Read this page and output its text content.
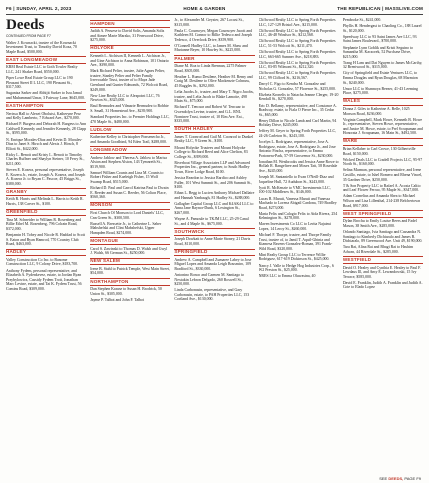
F6 | SUNDAY, APRIL 2, 2023	HOME & GARDEN	THE REPUBLICAN | MASSLIVE.COM
Deeds
CONTINUED FROM PAGE F7

Walter J. Kownacki, trustee of the Kownacki Investment Trust, to Timothy David Koza, 70 Maple Road, $500,000.

EAST LONGMEADOW

KRM Real Estate LLC to Goth Towler Realty LLC, 241 Shaker Road, $550,000.

Piper Lowe Real Estate Group LLC to 190 Pleasant Street II L LLC, 190 Pleasant St., $317,500.

Suganiza Sarker and Abhijit Sarker to Isra Jamal and Muhammad Umar, 3 Fairway Lane, $645,000.

EASTHAMPTON

Nerissa Hall to Alexei Obolutsi, Katheryne Perz and Kelly Lamberto, 7 Edward Ave., $270,000.

Richard P. Burgess and Deborah H. Burgess to Ann Caldwell Kennedy and Jennifer Kennedy, 28 Clapp St., $595,000.

N. Enrique Morales-Diaz and Kevin D. Morales-Diaz to Janet S. Hirsch and Alexis J. Hirsch, 8 Elliott St., $422,000.

Ricky L. Benoit and Kristy L. Benoit to Timothy Charles Ruffner and Shaylyn Steiner, 10 Ferry St., $211,000.

Steven E. Kozera, personal representative, Joseph E. Kozera Jr., estate, Joseph A. Kozera, and Joseph A. Kozera Jr. to Bryan C. Pascoe, 45 Briggs St., $380,000.

GRANBY

Keith R. Harris and Melinda L. Harris to Keith R. Harris, 138 Carver St., $100.

GREENFIELD

Tina M. Schneider to William R. Rosenberg and Billie Ethel M. Rosenberg, 796 Colrain Road, $372,000.

Benjamin H. Tobey and Nicole R. Haddad to Scott S. Eaton and Ryan Hamrod, 770 Country Club Road, $463,000.

HADLEY

Valley Construction Co Inc. to Banome Construction LLC, 9 Colony Drive, $183,700.

Anthony Fydem, personal representative, and Elizabeth A. Fydenkevez, estate, to Jordan Ryan Przybylowicz, Cassidy Fydem Trott, Jonathan Marc Levine, estate, and Tai K. Fydem Trust, 56 Comins Road, $309,000.

HAMPDEN

Judith A. Peruese to David Solis, Amanda Solis and Aimee Marie Marzko, 31 Fernwood Drive, $275,000.

HOLYOKE

Kenneth L. Atchison II, Kenneth L. Atchison Jr., and Gine Atchison to Anna Robinson, 101 Ontario Ave., $390,000.

Mark Richard Pelter, trustee, Julie Agnes Pelter, trustee, Stanley Pelter and Pelter Family Irrevocable Trust, trustee of to Maya Jade Grenlund and Gunter Edmonds, 72 Wolcott Road, $249,000.

New Line Realty LLC to Alexpoint LLC, 76 Newton St., $325,000.

Raul Bermudez and Vilmarie Bermudez to Bobbie S. Small, 31 Homestead Ave., $239,900.

Standard Properties Inc. to Premier Holdings LLC, 470 Maple St., $480,000.

LUDLOW

Katherine Kelley to Christopher Ponsenecho Jr., and Amanda Goodhind, 94 Eden Trail, $288,000.

LONGMEADOW

Andrew Jablow and Theresa A. Jablow to Marisa Alston and Stephen Alston, 143 Tymnreth St., $519,900.

Samuel William Counts and Lina M. Counts to Robert Fisher and Kaeleigh Fisher, 15 Wolf Swamp Road, $515,000.

Richard D. Paul and Carrol Katrina Paul to Dwain E. Reeder and Susan C. Reeder, 56 Colton Place, $560,360.

MONSON

First Church Of Monson to Lord Daniels' LLC, Cnn Green St., $300,500.

Russell A. Bressette Jr., to Catherine L. Saber Mabshefski and Clint Mabshefski, Upper Hampden Road, $274,000.

MONTAGUE

Carol S. Zawinski to Thomas D. Walsh and Gwyl J. Walsh, 66 German St., $250,000.

NEW SALEM

Irene B. Stahl to Patrick Temple, West Main Street, $54,000.

NORTHAMPTON

Dan Stephen Krause to Susan H. Brodrick, 50 Union St., $305,000.

Jayme P. Talbot and John F. Talbot

Jr., to Alexander M. Geyster, 267 Locust St., $315,000.

Paula C. Cournoyer, Megan Cournoyer Jacott and Kathleen M. Connor to Billie Tedesco and Joseph Tedesco, 4 Overlook Drive, $359,900.

O'Connell Hadley LLC, to James M. Shaw and Marianne Beyer, 10 Hawley St., $225,000.

PALMER

Diane M. Roa to Linda Brennan, 2275 Palmer Road, $305,000.

Heather L. Rumo Desilene, Heather M. Remy and Craig M. Desilene to Olive Mackenzie Cohnuss, 45 Ruggles St., $292,000.

Lelia Jacobs Jr., trustee, and Mary T. Nigro Jacobs, trustee, and Lelia Jacob to Blake Lamotte, 498 Main St., $75,000.

Richard T. Tencuar and Robert W. Tencuar to Gwendolyn Levine, trustee, and G.L. RNL Nominee Trust, trustee of, 10 Elm Ave. Ext., $335,000.

SOUTH HADLEY

James T. Coonrod and Gail M. Coonrod to Dunkel Realty LLC, 9 Green St., $100.

Mount Holyoke Trustees and Mount Holyoke College to Richard Reed and Alice Chelton, 83 College St., $399,000.

Riverboat Village Associates LLP and Advanced Properties Inc., general partner, to South Hadley Town, River Lodge Road, $100.

Jessica Reardon to Jessica Rardico and Ashley Fuller, 101 West Summit St., and 206 Summit St., $100.

Ethan L. Begg to Lucien Anthony Michael Dallaire and Hannah Yanbaugh, 81 Hadley St., $288,000.

Gallagher Capital Group LLC and K4AK4 LLC to Anna Jane Raynor-Dunk, 6 Lexington St., $267,000.

Wayne A. Pamoule to TKJM LLC, 25-29 Canal St., and 4 Maple St., $675,000.

SOUTHWICK

Joseph Dowkatt to Anne Marie Stoney, 21 Davis Road, $110,000.

SPRINGFIELD

Andrew A. Campbell and Zumaree Labey to Jose Miguel Lopez and Amanda Leigh Bousmiro, 109 Bradford St., $330,000.

Antonino Ronco and Carmen M. Santiago to Nextakin Lebron Delgado, 260 Roswell St., $250,000.

Linda Carbonasin, representative, and Gary Carbonasin, estate, to PAH Properties LLC, 153 Cortland Ave., $130,000.

Cliffwood Realty LLC to Spring Forth Properties LLC, 127-129 Bristol Ave., $215,000.

Cliffwood Realty LLC to Spring Forth Properties LLC, 46-48 Windsor St., $212,568.

Cliffwood Realty LLC to Spring Forth Properties LLC, 51-53 Wolcott St., $211,470.

Cliffwood Realty LLC to Spring Forth Properties LLC, 663-665 Sumner Ave., $218,883.

Cliffwood Realty LLC to Spring Forth Properties LLC, 83-85 Wilmont St., $212,320.

Cliffwood Realty LLC to Spring Forth Properties LLC, 99 Clifford St., $216,567.

Darryl C. Figo to Kendra M. Gonzalez and Nicholas G. Gonzalez, 57 Florence St., $255,000.

Elizbeta Kronelis to Natacha Jeanne Clerger, 19-20 Kendall St., $270,000.

Eric D. Bellamy, representative, and Constance A. Bradway, estate, to Fiala O Pierre Inc., 35 Cedar St., $65,000.

Henry Dillon to Nicole Lamb and Carl Martin, 94 Holiday Drive, $245,000.

Jeffrey M. Geyer to Spring Forth Properties LLC, 24-26 Carleton St., $243,100.

Jocelyn L. Rodriguez, representative, Jose A. Rodriguez, estate, Jose A. Rodriguez Jr., and Jose Antonio Fincha, representative, to Emma Portonera-Park, 57-59 Grosvenor St., $230,000.

Jonathan M. Westbrooks and Jessica Anne Rowe to Hollah R. Rangeltree and Moses Tatt, 58 Rosedale Ave., $245,000.

Joseph M. Santaniello to Evan O'Neill-Diaz and Jaqueline Hull, 72 Audubon St., $243,000.

Jyoti R. McKenzie to VMC Investments LLC, 100-102 Middlesex St., $146,000.

Lucas R. Maruti, Vanessa Maruti and Vanessa Machado to Lorena Abigail Cardona, 749 Bradley Road, $273,000.

Maria Felix and Calogio Felix to Aida Rivera, 254 Kelmington St., $278,000.

Maven Investments Co LLC to Lerita Najaimi Lopez, 14 Leroy St., $260,000.

Michael F. Thorpe, trustee, and Thorpe Family Trust, trustee of, to Jamil T. Aquil-Ghinia and Kiamesa Ravens-Gonzalez-Roman, 391 Frank-Wild Road, $320,000.

Mint Realty Group LLC to Terrence Willie Rodriguez, 617-619 Dickinson St., $425,000.

Nancy J. Valle to Hedge Hog Industries Corp., 6 W2 Preston St., $25,000.

NRES LLC to Emma Oluwasina, 40

Pembroke St., $241,000.

Phyllis H. Hendergast to Chaoling Co., 188 Laurel St., $120,000.

Speedway LLC to 93 Saint James Ave LLC, 93 Saint James Boulevard., $700,000.

Stephanie Lynn Goblik and Kristi Seguino to Samantha M. Kaczorek, 52 Purchase Drive, $215,000.

Trang H Lam and Dat Nguyen to James McCarthy, 32 Brentwood St., $315,000.

City of Springfield and Estate Ventures LLC, to Emma Douglas and Ryan Douglas, 68 Marmion St., $240,000.

Umor LLC to Shannoya Beezer, 41-43 Leeming Place, $275,000.

WALES

Donna J. Giles to Katherine A. Belle, 1025 Monson Road, $236,000.

Virginia Campbell, Mark Howe, Kenneth B. Howe Jr., representative, Steven Howe, representative, and Janice M. Howe, estate, to Prel Scrapuman and Honorata J. Scrapuman, 16 Main St., $492,500.

WARE

Brian Kellaher to Carl Crowe, 130 Gilbertville Road, $150,000.

Wicked Deals LLC to Cradell Projects LLC, 95-97 North St., $160,000.

Selina Marman, personal representative, and Irene Castillo, estate, to Ishel Romero and Rhena Vincel, 35 Gardner Drive, $250,000.

T & Son Property LLC to Rafael A. Acosta Caltio and Leaf Flower Ferrao, 95 Maple St., $347,000.

Adam Cornelius and Amanda Shea to Michael Wilson and Lisa Lillenthal, 214-238 Belchertown Road, $917,000.

WEST SPRINGFIELD

Dylan Brochu to Emily Louise Beers and Fadel Mason, 38 Smith Ave., $285,000.

Orlando Santiago, Ivia Santiago and Cassandra N. Santiago to Kimberly Dichiaralo and James R. Dichiaralo, 89 Greenwood Ave. Unit 49, $190,000.

Tara Bai, Alina Rai and Bhagi Rai to Hashim Adwan, 44 Riverdale St., $285,000.

WESTFIELD

David O. Healey and Cynthia E. Healey to Paul F. Lewdaus Ill, and Amy E. Lewandowski, 15 Ivy Terrace, $585,000.

David E. Franklin, Judith A. Franklin and Judith A. Cote to Elado Lopez

SEE DEEDS, PAGE F9
